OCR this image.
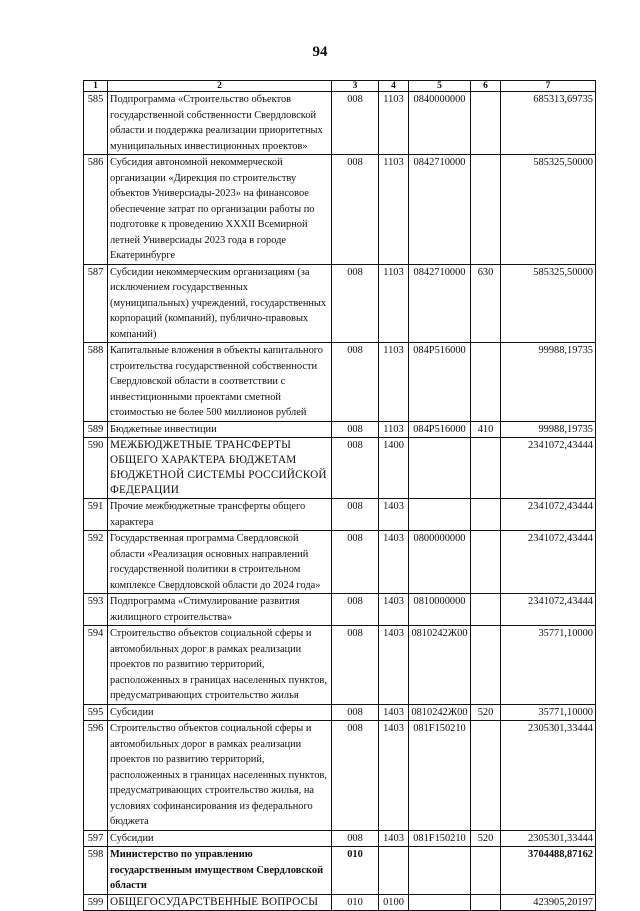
94
1	2	3	4	5	6	7
585	Подпрограмма «Строительство объектов государственной собственности Свердловской области и поддержка реализации приоритетных муниципальных инвестиционных проектов»	008	1103	0840000000		685313,69735
586	Субсидия автономной некоммерческой организации «Дирекция по строительству объектов Универсиады-2023» на финансовое обеспечение затрат по организации работы по подготовке к проведению XXXII Всемирной летней Универсиады 2023 года в городе Екатеринбурге	008	1103	0842710000		585325,50000
587	Субсидии некоммерческим организациям (за исключением государственных (муниципальных) учреждений, государственных корпораций (компаний), публично-правовых компаний)	008	1103	0842710000	630	585325,50000
588	Капитальные вложения в объекты капитального строительства государственной собственности Свердловской области в соответствии с инвестиционными проектами сметной стоимостью не более 500 миллионов рублей	008	1103	084P516000		99988,19735
589	Бюджетные инвестиции	008	1103	084P516000	410	99988,19735
590	МЕЖБЮДЖЕТНЫЕ ТРАНСФЕРТЫ ОБЩЕГО ХАРАКТЕРА БЮДЖЕТАМ БЮДЖЕТНОЙ СИСТЕМЫ РОССИЙСКОЙ ФЕДЕРАЦИИ	008	1400			2341072,43444
591	Прочие межбюджетные трансферты общего характера	008	1403			2341072,43444
592	Государственная программа Свердловской области «Реализация основных направлений государственной политики в строительном комплексе Свердловской области до 2024 года»	008	1403	0800000000		2341072,43444
593	Подпрограмма «Стимулирование развития жилищного строительства»	008	1403	0810000000		2341072,43444
594	Строительство объектов социальной сферы и автомобильных дорог в рамках реализации проектов по развитию территорий, расположенных в границах населенных пунктов, предусматривающих строительство жилья	008	1403	0810242Ж00		35771,10000
595	Субсидии	008	1403	0810242Ж00	520	35771,10000
596	Строительство объектов социальной сферы и автомобильных дорог в рамках реализации проектов по развитию территорий, расположенных в границах населенных пунктов, предусматривающих строительство жилья, на условиях софинансирования из федерального бюджета	008	1403	081F150210		2305301,33444
597	Субсидии	008	1403	081F150210	520	2305301,33444
598	Министерство по управлению государственным имуществом Свердловской области	010				3704488,87162
599	ОБЩЕГОСУДАРСТВЕННЫЕ ВОПРОСЫ	010	0100			423905,20197
